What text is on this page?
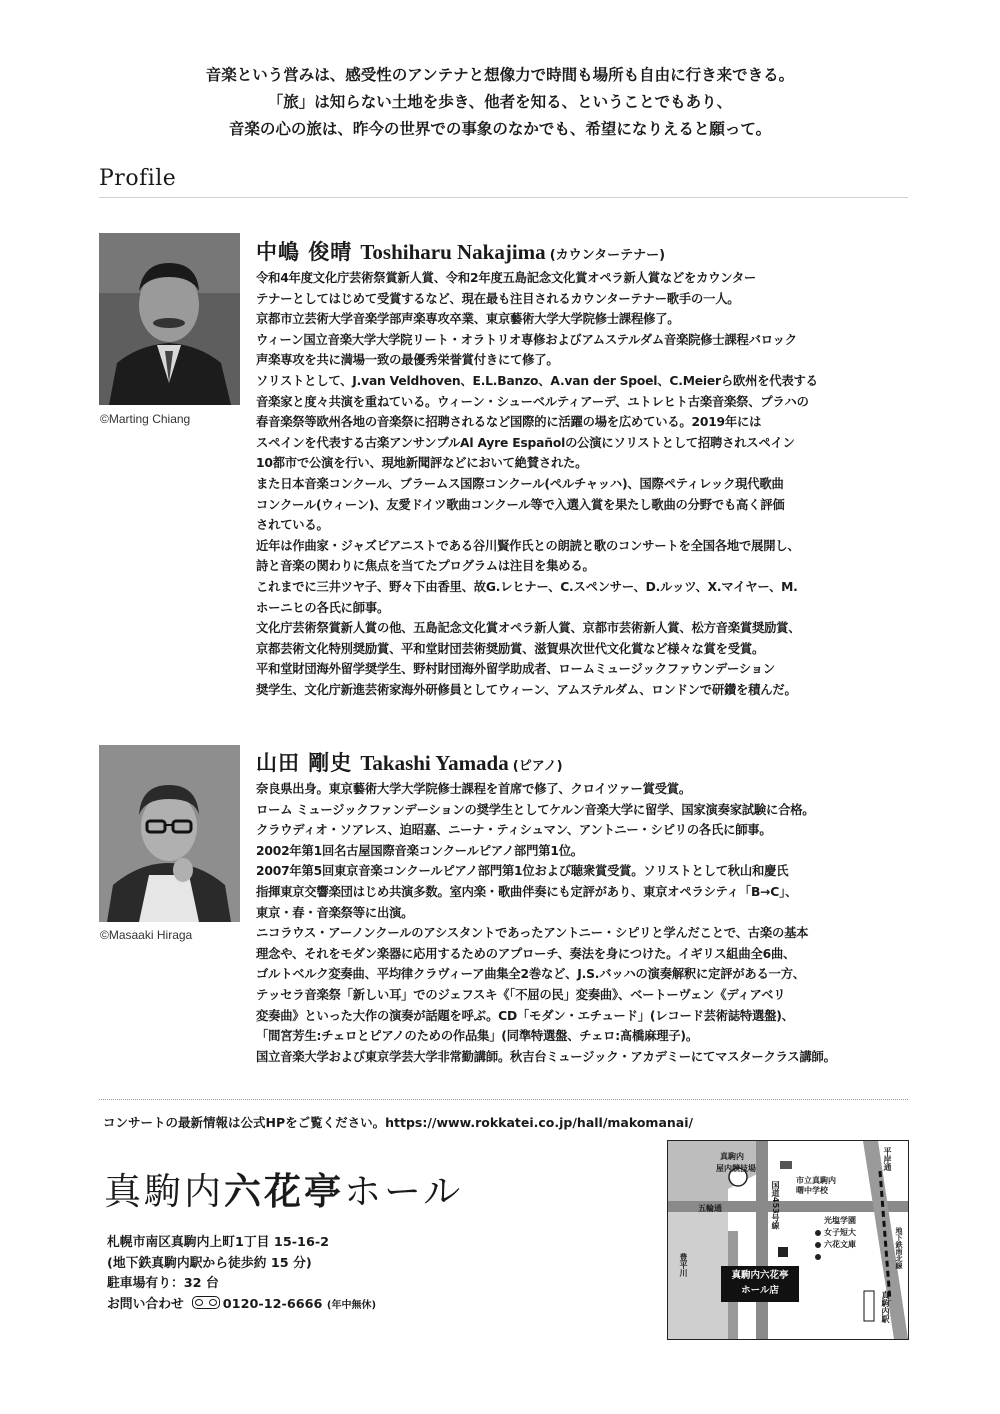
音楽という営みは、感受性のアンテナと想像力で時間も場所も自由に行き来できる。
「旅」は知らない土地を歩き、他者を知る、ということでもあり、
音楽の心の旅は、昨今の世界での事象のなかでも、希望になりえると願って。
Profile
©Marting Chiang
中嶋 俊晴 Toshiharu Nakajima (カウンターテナー)
令和4年度文化庁芸術祭賞新人賞、令和2年度五島記念文化賞オペラ新人賞などをカウンター
テナーとしてはじめて受賞するなど、現在最も注目されるカウンターテナー歌手の一人。
京都市立芸術大学音楽学部声楽専攻卒業、東京藝術大学大学院修士課程修了。
ウィーン国立音楽大学大学院リート・オラトリオ専修およびアムステルダム音楽院修士課程バロック
声楽専攻を共に満場一致の最優秀栄誉賞付きにて修了。
ソリストとして、J.van Veldhoven、E.L.Banzo、A.van der Spoel、C.Meierら欧州を代表する
音楽家と度々共演を重ねている。ウィーン・シューベルティアーデ、ユトレヒト古楽音楽祭、プラハの
春音楽祭等欧州各地の音楽祭に招聘されるなど国際的に活躍の場を広めている。2019年には
スペインを代表する古楽アンサンブルAl Ayre Españolの公演にソリストとして招聘されスペイン
10都市で公演を行い、現地新聞評などにおいて絶賛された。
また日本音楽コンクール、ブラームス国際コンクール(ペルチャッハ)、国際ペティレック現代歌曲
コンクール(ウィーン)、友愛ドイツ歌曲コンクール等で入選入賞を果たし歌曲の分野でも高く評価
されている。
近年は作曲家・ジャズピアニストである谷川賢作氏との朗読と歌のコンサートを全国各地で展開し、
詩と音楽の関わりに焦点を当てたプログラムは注目を集める。
これまでに三井ツヤ子、野々下由香里、故G.レヒナー、C.スペンサー、D.ルッツ、X.マイヤー、M.
ホーニヒの各氏に師事。
文化庁芸術祭賞新人賞の他、五島記念文化賞オペラ新人賞、京都市芸術新人賞、松方音楽賞奨励賞、
京都芸術文化特別奨励賞、平和堂財団芸術奨励賞、滋賀県次世代文化賞など様々な賞を受賞。
平和堂財団海外留学奨学生、野村財団海外留学助成者、ロームミュージックファウンデーション
奨学生、文化庁新進芸術家海外研修員としてウィーン、アムステルダム、ロンドンで研鑽を積んだ。
©Masaaki Hiraga
山田 剛史 Takashi Yamada (ピアノ)
奈良県出身。東京藝術大学大学院修士課程を首席で修了、クロイツァー賞受賞。
ローム ミュージックファンデーションの奨学生としてケルン音楽大学に留学、国家演奏家試験に合格。
クラウディオ・ソアレス、迫昭嘉、ニーナ・ティシュマン、アントニー・シピリの各氏に師事。
2002年第1回名古屋国際音楽コンクールピアノ部門第1位。
2007年第5回東京音楽コンクールピアノ部門第1位および聴衆賞受賞。ソリストとして秋山和慶氏
指揮東京交響楽団はじめ共演多数。室内楽・歌曲伴奏にも定評があり、東京オペラシティ「B→C」、
東京・春・音楽祭等に出演。
ニコラウス・アーノンクールのアシスタントであったアントニー・シピリと学んだことで、古楽の基本
理念や、それをモダン楽器に応用するためのアプローチ、奏法を身につけた。イギリス組曲全6曲、
ゴルトベルク変奏曲、平均律クラヴィーア曲集全2巻など、J.S.バッハの演奏解釈に定評がある一方、
テッセラ音楽祭「新しい耳」でのジェフスキ《「不屈の民」変奏曲》、ベートーヴェン《ディアベリ
変奏曲》といった大作の演奏が話題を呼ぶ。CD「モダン・エチュード」(レコード芸術誌特選盤)、
「間宮芳生:チェロとピアノのための作品集」(同準特選盤、チェロ:髙橋麻理子)。
国立音楽大学および東京学芸大学非常勤講師。秋吉台ミュージック・アカデミーにてマスタークラス講師。
コンサートの最新情報は公式HPをご覧ください。https://www.rokkatei.co.jp/hall/makomanai/
真駒内六花亭ホール
札幌市南区真駒内上町1丁目 15-16-2
(地下鉄真駒内駅から徒歩約 15 分)
駐車場有り：32 台
お問い合わせ	0120-12-6666 (年中無休)
真駒内
屋内競技場
市立真駒内
曙中学校
五輪通	国道453号線
平岸通
光塩学園
女子短大
六花文庫	地下鉄南北線
真駒内駅
豊平川	真駒内六花亭
ホール店
